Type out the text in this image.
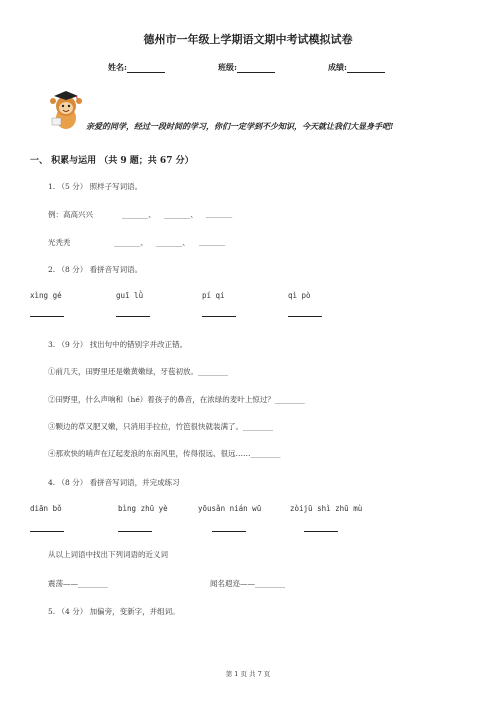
德州市一年级上学期语文期中考试模拟试卷
姓名:	班级:	成绩:
亲爱的同学，经过一段时间的学习，你们一定学到不少知识，今天就让我们大显身手吧!
一、 积累与运用 （共 9 题；共 67 分）
1. （5 分） 照样子写词语。
例：高高兴兴	_______、 _______、 _______
光秃秃	_______、 _______、 _______
2. （8 分） 看拼音写词语。
xìng gé	guī lǜ	pí qi	qì pò
3. （9 分） 找出句中的错别字并改正错。
①前几天，田野里还是嫩黄嫩绿，牙苞初放。________
②田野里，什么声响和（hé）着孩子的鼻音，在浓绿的麦叶上惊过？________
③颗边的草又肥又嫩，只消用手拉拉，竹笆很快就装满了。________
④那欢快的哨声在辽起麦浪的东南风里，传得很远、很远……________
4. （8 分） 看拼音写词语，并完成练习
diān bǒ	bìng zhū yè	yōusǎn nián wū	zòijū shì zhū mù
从以上词语中找出下列词语的近义词
震荡——________	闻名遐迩——________
5. （4 分） 加偏旁，变新字，并组词。
第 1 页 共 7 页
